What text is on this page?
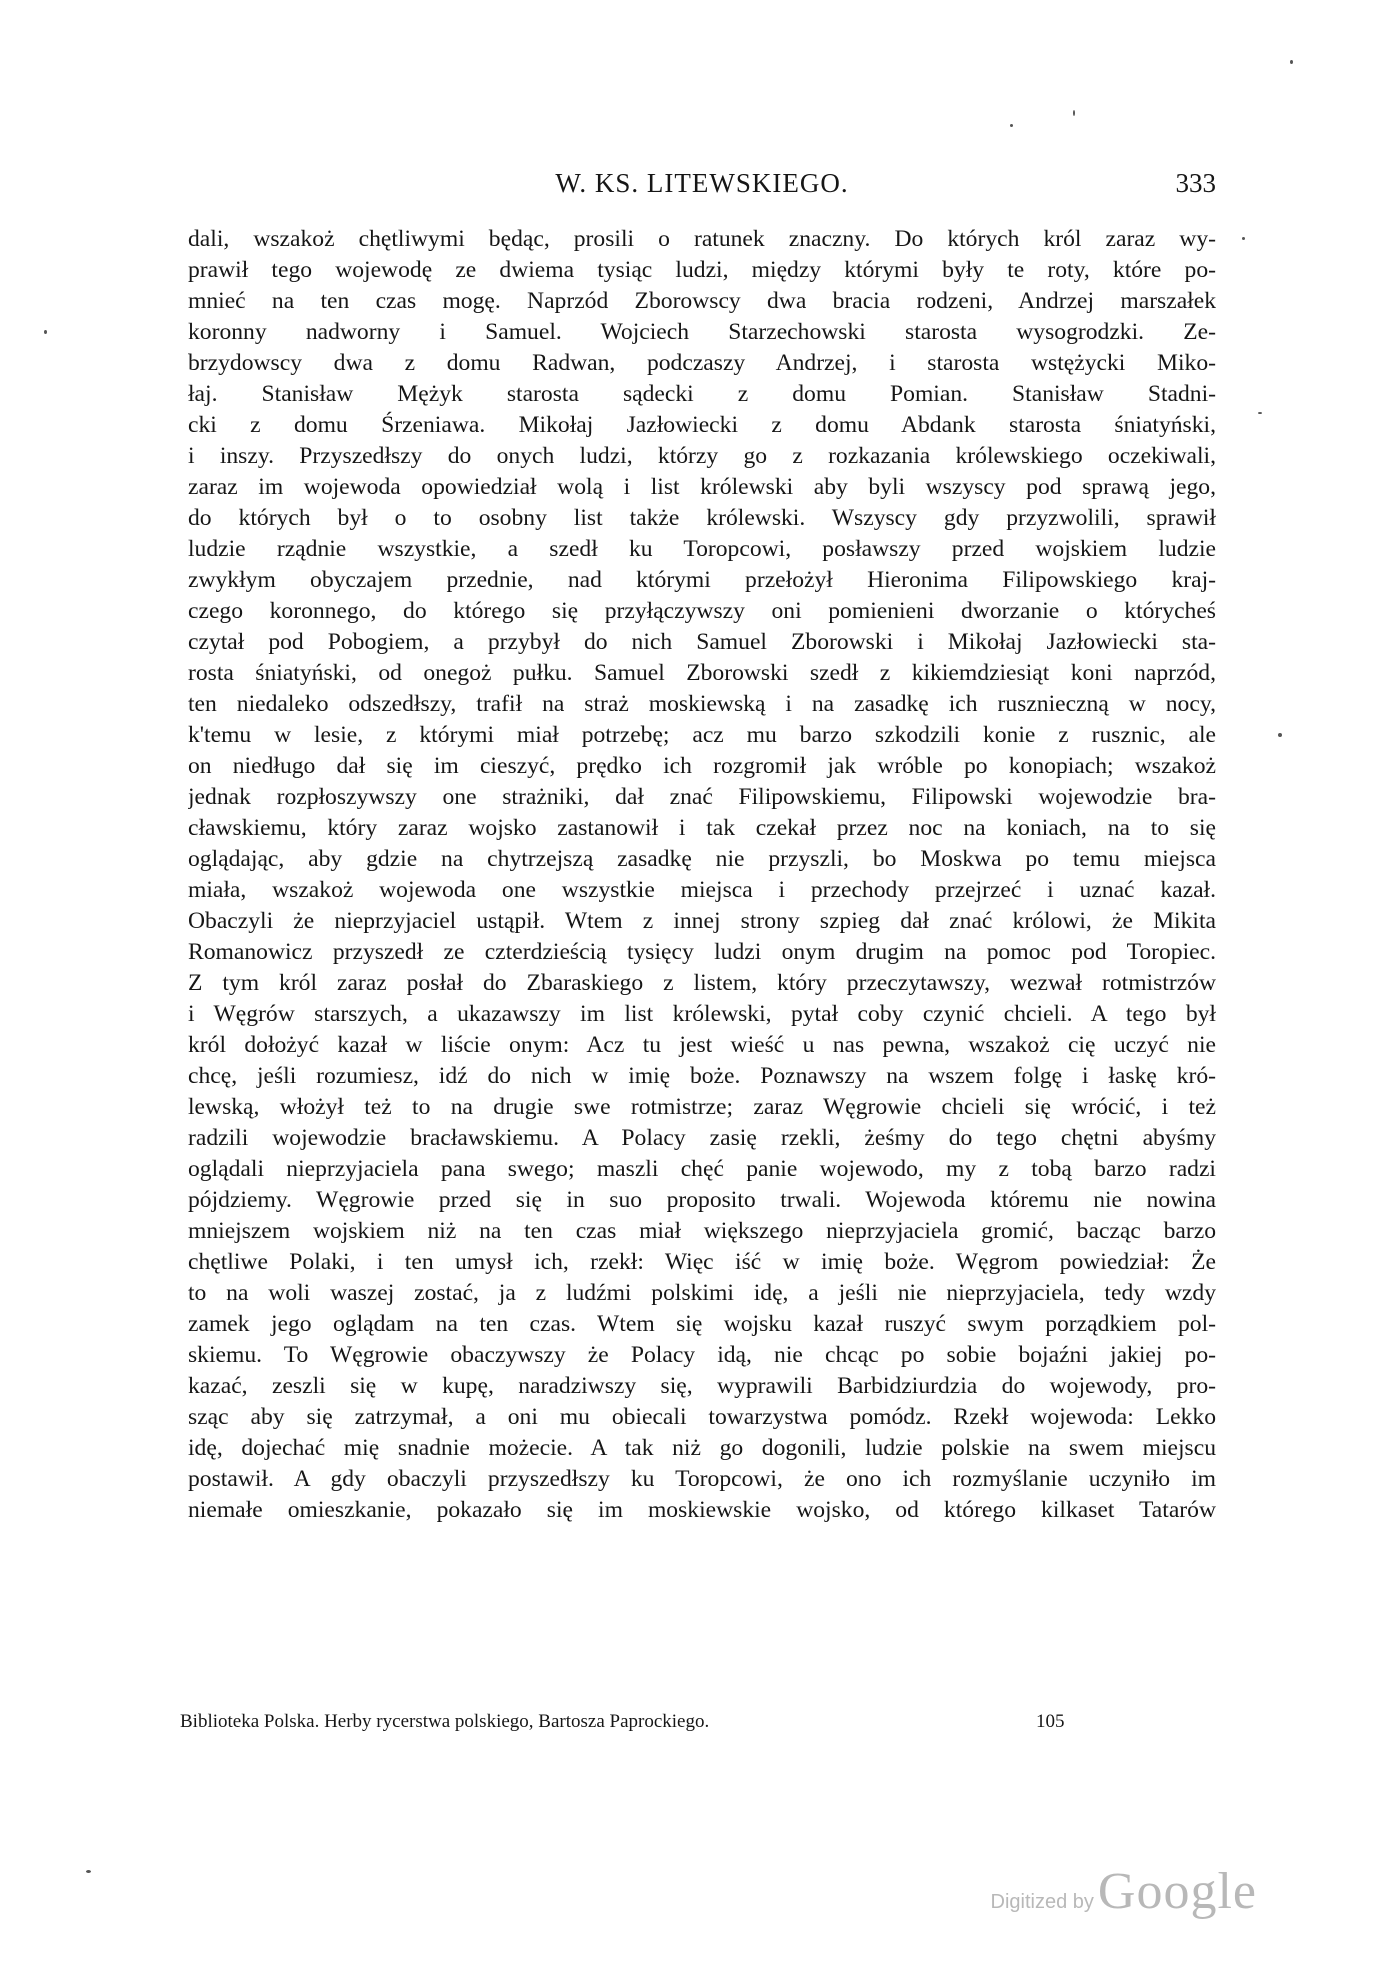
W. KS. LITEWSKIEGO.	333
dali, wszakoż chętliwymi będąc, prosili o ratunek znaczny. Do których król zaraz wy-
prawił tego wojewodę ze dwiema tysiąc ludzi, między którymi były te roty, które po-
mnieć na ten czas mogę. Naprzód Zborowscy dwa bracia rodzeni, Andrzej marszałek
koronny nadworny i Samuel. Wojciech Starzechowski starosta wysogrodzki. Ze-
brzydowscy dwa z domu Radwan, podczaszy Andrzej, i starosta wstężycki Miko-
łaj. Stanisław Mężyk starosta sądecki z domu Pomian. Stanisław Stadni-
cki z domu Śrzeniawa. Mikołaj Jazłowiecki z domu Abdank starosta śniatyński,
i inszy. Przyszedłszy do onych ludzi, którzy go z rozkazania królewskiego oczekiwali,
zaraz im wojewoda opowiedział wolą i list królewski aby byli wszyscy pod sprawą jego,
do których był o to osobny list także królewski. Wszyscy gdy przyzwolili, sprawił
ludzie rządnie wszystkie, a szedł ku Toropcowi, posławszy przed wojskiem ludzie
zwykłym obyczajem przednie, nad którymi przełożył Hieronima Filipowskiego kraj-
czego koronnego, do którego się przyłączywszy oni pomienieni dworzanie o którycheś
czytał pod Pobogiem, a przybył do nich Samuel Zborowski i Mikołaj Jazłowiecki sta-
rosta śniatyński, od onegoż pułku. Samuel Zborowski szedł z kikiemdziesiąt koni naprzód,
ten niedaleko odszedłszy, trafił na straż moskiewską i na zasadkę ich rusznieczną w nocy,
k'temu w lesie, z którymi miał potrzebę; acz mu barzo szkodzili konie z rusznic, ale
on niedługo dał się im cieszyć, prędko ich rozgromił jak wróble po konopiach; wszakoż
jednak rozpłoszywszy one strażniki, dał znać Filipowskiemu, Filipowski wojewodzie bra-
cławskiemu, który zaraz wojsko zastanowił i tak czekał przez noc na koniach, na to się
oglądając, aby gdzie na chytrzejszą zasadkę nie przyszli, bo Moskwa po temu miejsca
miała, wszakoż wojewoda one wszystkie miejsca i przechody przejrzeć i uznać kazał.
Obaczyli że nieprzyjaciel ustąpił. Wtem z innej strony szpieg dał znać królowi, że Mikita
Romanowicz przyszedł ze czterdzieścią tysięcy ludzi onym drugim na pomoc pod Toropiec.
Z tym król zaraz posłał do Zbaraskiego z listem, który przeczytawszy, wezwał rotmistrzów
i Węgrów starszych, a ukazawszy im list królewski, pytał coby czynić chcieli. A tego był
król dołożyć kazał w liście onym: Acz tu jest wieść u nas pewna, wszakoż cię uczyć nie
chcę, jeśli rozumiesz, idź do nich w imię boże. Poznawszy na wszem folgę i łaskę kró-
lewską, włożył też to na drugie swe rotmistrze; zaraz Węgrowie chcieli się wrócić, i też
radzili wojewodzie bracławskiemu. A Polacy zasię rzekli, żeśmy do tego chętni abyśmy
oglądali nieprzyjaciela pana swego; maszli chęć panie wojewodo, my z tobą barzo radzi
pójdziemy. Węgrowie przed się in suo proposito trwali. Wojewoda któremu nie nowina
mniejszem wojskiem niż na ten czas miał większego nieprzyjaciela gromić, bacząc barzo
chętliwe Polaki, i ten umysł ich, rzekł: Więc iść w imię boże. Węgrom powiedział: Że
to na woli waszej zostać, ja z ludźmi polskimi idę, a jeśli nie nieprzyjaciela, tedy wzdy
zamek jego oglądam na ten czas. Wtem się wojsku kazał ruszyć swym porządkiem pol-
skiemu. To Węgrowie obaczywszy że Polacy idą, nie chcąc po sobie bojaźni jakiej po-
kazać, zeszli się w kupę, naradziwszy się, wyprawili Barbidziurdzia do wojewody, pro-
sząc aby się zatrzymał, a oni mu obiecali towarzystwa pomódz. Rzekł wojewoda: Lekko
idę, dojechać mię snadnie możecie. A tak niż go dogonili, ludzie polskie na swem miejscu
postawił. A gdy obaczyli przyszedłszy ku Toropcowi, że ono ich rozmyślanie uczyniło im
niemałe omieszkanie, pokazało się im moskiewskie wojsko, od którego kilkaset Tatarów
Biblioteka Polska. Herby rycerstwa polskiego, Bartosza Paprockiego.	105
Digitized by Google
